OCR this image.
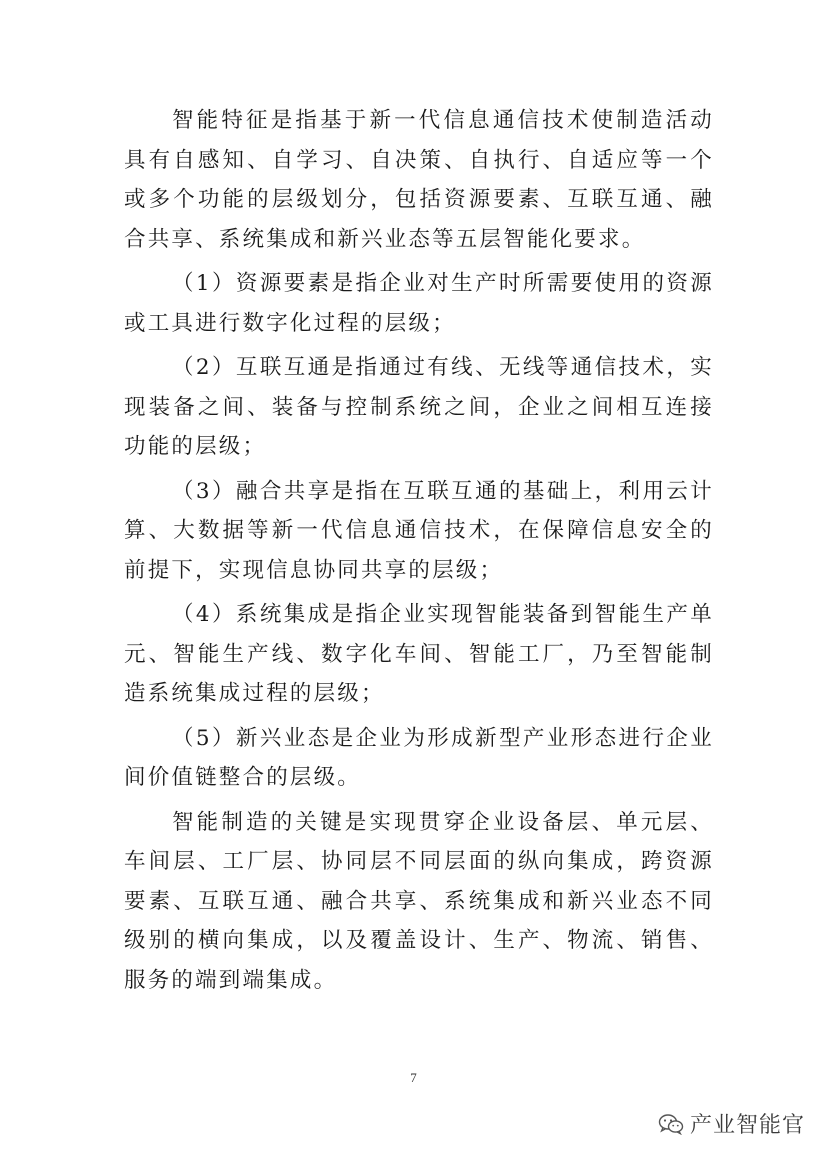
智能特征是指基于新一代信息通信技术使制造活动具有自感知、自学习、自决策、自执行、自适应等一个或多个功能的层级划分，包括资源要素、互联互通、融合共享、系统集成和新兴业态等五层智能化要求。

（1）资源要素是指企业对生产时所需要使用的资源或工具进行数字化过程的层级；

（2）互联互通是指通过有线、无线等通信技术，实现装备之间、装备与控制系统之间，企业之间相互连接功能的层级；

（3）融合共享是指在互联互通的基础上，利用云计算、大数据等新一代信息通信技术，在保障信息安全的前提下，实现信息协同共享的层级；

（4）系统集成是指企业实现智能装备到智能生产单元、智能生产线、数字化车间、智能工厂，乃至智能制造系统集成过程的层级；

（5）新兴业态是企业为形成新型产业形态进行企业间价值链整合的层级。

智能制造的关键是实现贯穿企业设备层、单元层、车间层、工厂层、协同层不同层面的纵向集成，跨资源要素、互联互通、融合共享、系统集成和新兴业态不同级别的横向集成，以及覆盖设计、生产、物流、销售、服务的端到端集成。

7
产业智能官
